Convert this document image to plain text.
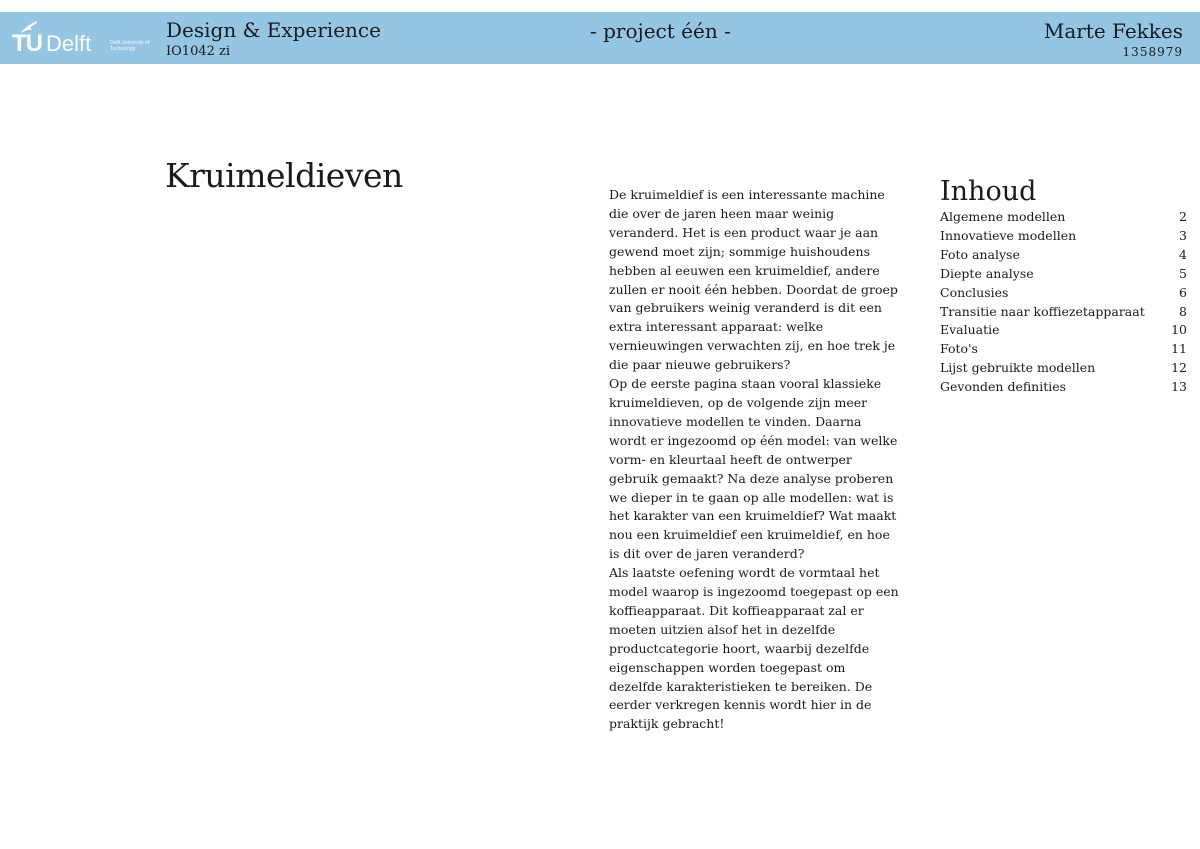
TU Delft	Delft University of Technology
Design & Experience
IO1042 zi
- project één -	Marte Fekkes
1358979
Kruimeldieven	De kruimeldief is een interessante machine die over de jaren heen maar weinig veranderd. Het is een product waar je aan gewend moet zijn; sommige huishoudens hebben al eeuwen een kruimeldief, andere zullen er nooit één hebben. Doordat de groep van gebruikers weinig veranderd is dit een extra interessant apparaat: welke vernieuwingen verwachten zij, en hoe trek je die paar nieuwe gebruikers?

Op de eerste pagina staan vooral klassieke kruimeldieven, op de volgende zijn meer innovatieve modellen te vinden. Daarna wordt er ingezoomd op één model: van welke vorm- en kleurtaal heeft de ontwerper gebruik gemaakt? Na deze analyse proberen we dieper in te gaan op alle modellen: wat is het karakter van een kruimeldief? Wat maakt nou een kruimeldief een kruimeldief, en hoe is dit over de jaren veranderd?

Als laatste oefening wordt de vormtaal het model waarop is ingezoomd toegepast op een koffieapparaat. Dit koffieapparaat zal er moeten uitzien alsof het in dezelfde productcategorie hoort, waarbij dezelfde eigenschappen worden toegepast om dezelfde karakteristieken te bereiken. De eerder verkregen kennis wordt hier in de praktijk gebracht!

Inhoud
Algemene modellen	2
Innovatieve modellen	3
Foto analyse	4
Diepte analyse	5
Conclusies	6
Transitie naar koffiezetapparaat	8
Evaluatie	10
Foto's	11
Lijst gebruikte modellen	12
Gevonden definities	13
